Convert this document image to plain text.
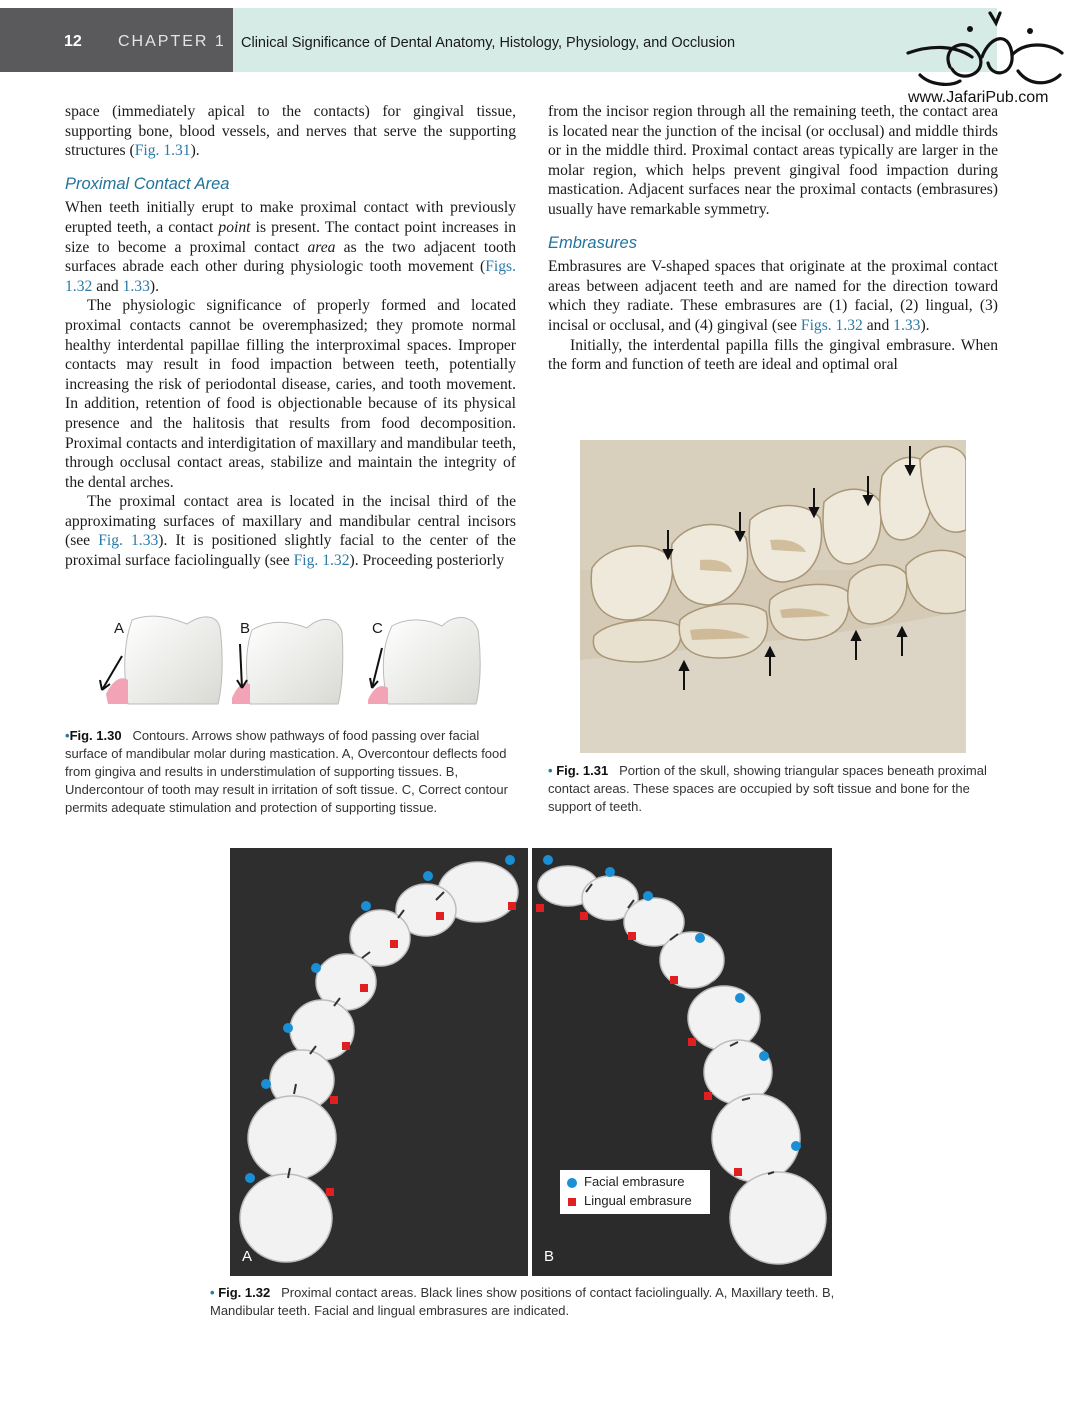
12 CHAPTER 1 Clinical Significance of Dental Anatomy, Histology, Physiology, and Occlusion
www.JafariPub.com

space (immediately apical to the contacts) for gingival tissue, supporting bone, blood vessels, and nerves that serve the supporting structures (Fig. 1.31).

Proximal Contact Area

When teeth initially erupt to make proximal contact with previously erupted teeth, a contact point is present. The contact point increases in size to become a proximal contact area as the two adjacent tooth surfaces abrade each other during physiologic tooth movement (Figs. 1.32 and 1.33).

The physiologic significance of properly formed and located proximal contacts cannot be overemphasized; they promote normal healthy interdental papillae filling the interproximal spaces. Improper contacts may result in food impaction between teeth, potentially increasing the risk of periodontal disease, caries, and tooth movement. In addition, retention of food is objectionable because of its physical presence and the halitosis that results from food decomposition. Proximal contacts and interdigitation of maxillary and mandibular teeth, through occlusal contact areas, stabilize and maintain the integrity of the dental arches.

The proximal contact area is located in the incisal third of the approximating surfaces of maxillary and mandibular central incisors (see Fig. 1.33). It is positioned slightly facial to the center of the proximal surface faciolingually (see Fig. 1.32). Proceeding posteriorly

from the incisor region through all the remaining teeth, the contact area is located near the junction of the incisal (or occlusal) and middle thirds or in the middle third. Proximal contact areas typically are larger in the molar region, which helps prevent gingival food impaction during mastication. Adjacent surfaces near the proximal contacts (embrasures) usually have remarkable symmetry.

Embrasures

Embrasures are V-shaped spaces that originate at the proximal contact areas between adjacent teeth and are named for the direction toward which they radiate. These embrasures are (1) facial, (2) lingual, (3) incisal or occlusal, and (4) gingival (see Figs. 1.32 and 1.33).

Initially, the interdental papilla fills the gingival embrasure. When the form and function of teeth are ideal and optimal oral

A	B	C
•Fig. 1.30 Contours. Arrows show pathways of food passing over facial surface of mandibular molar during mastication. A, Overcontour deflects food from gingiva and results in understimulation of supporting tissues. B, Undercontour of tooth may result in irritation of soft tissue. C, Correct contour permits adequate stimulation and protection of supporting tissue.
• Fig. 1.31 Portion of the skull, showing triangular spaces beneath proximal contact areas. These spaces are occupied by soft tissue and bone for the support of teeth.
Facial embrasure
Lingual embrasure
A	B
• Fig. 1.32 Proximal contact areas. Black lines show positions of contact faciolingually. A, Maxillary teeth. B, Mandibular teeth. Facial and lingual embrasures are indicated.
